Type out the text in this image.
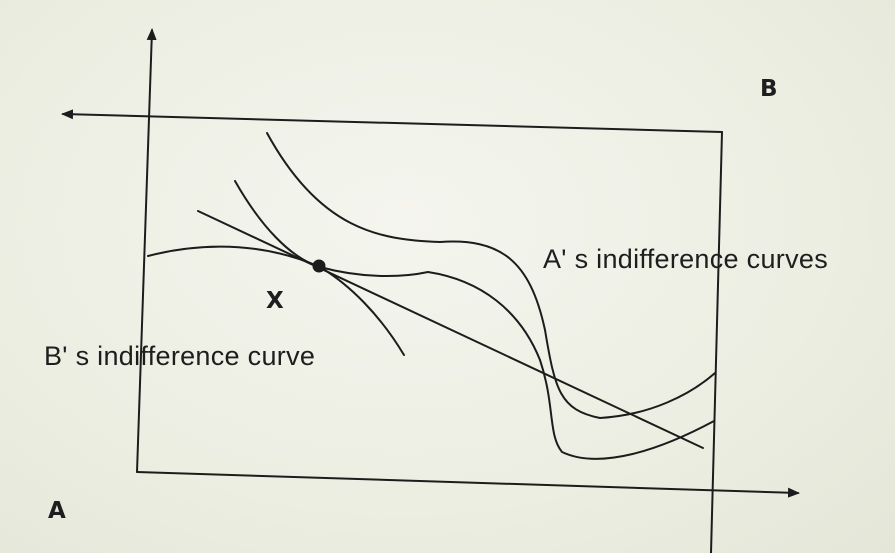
B
A
X
A' s indifference curves
B' s indifference curve
